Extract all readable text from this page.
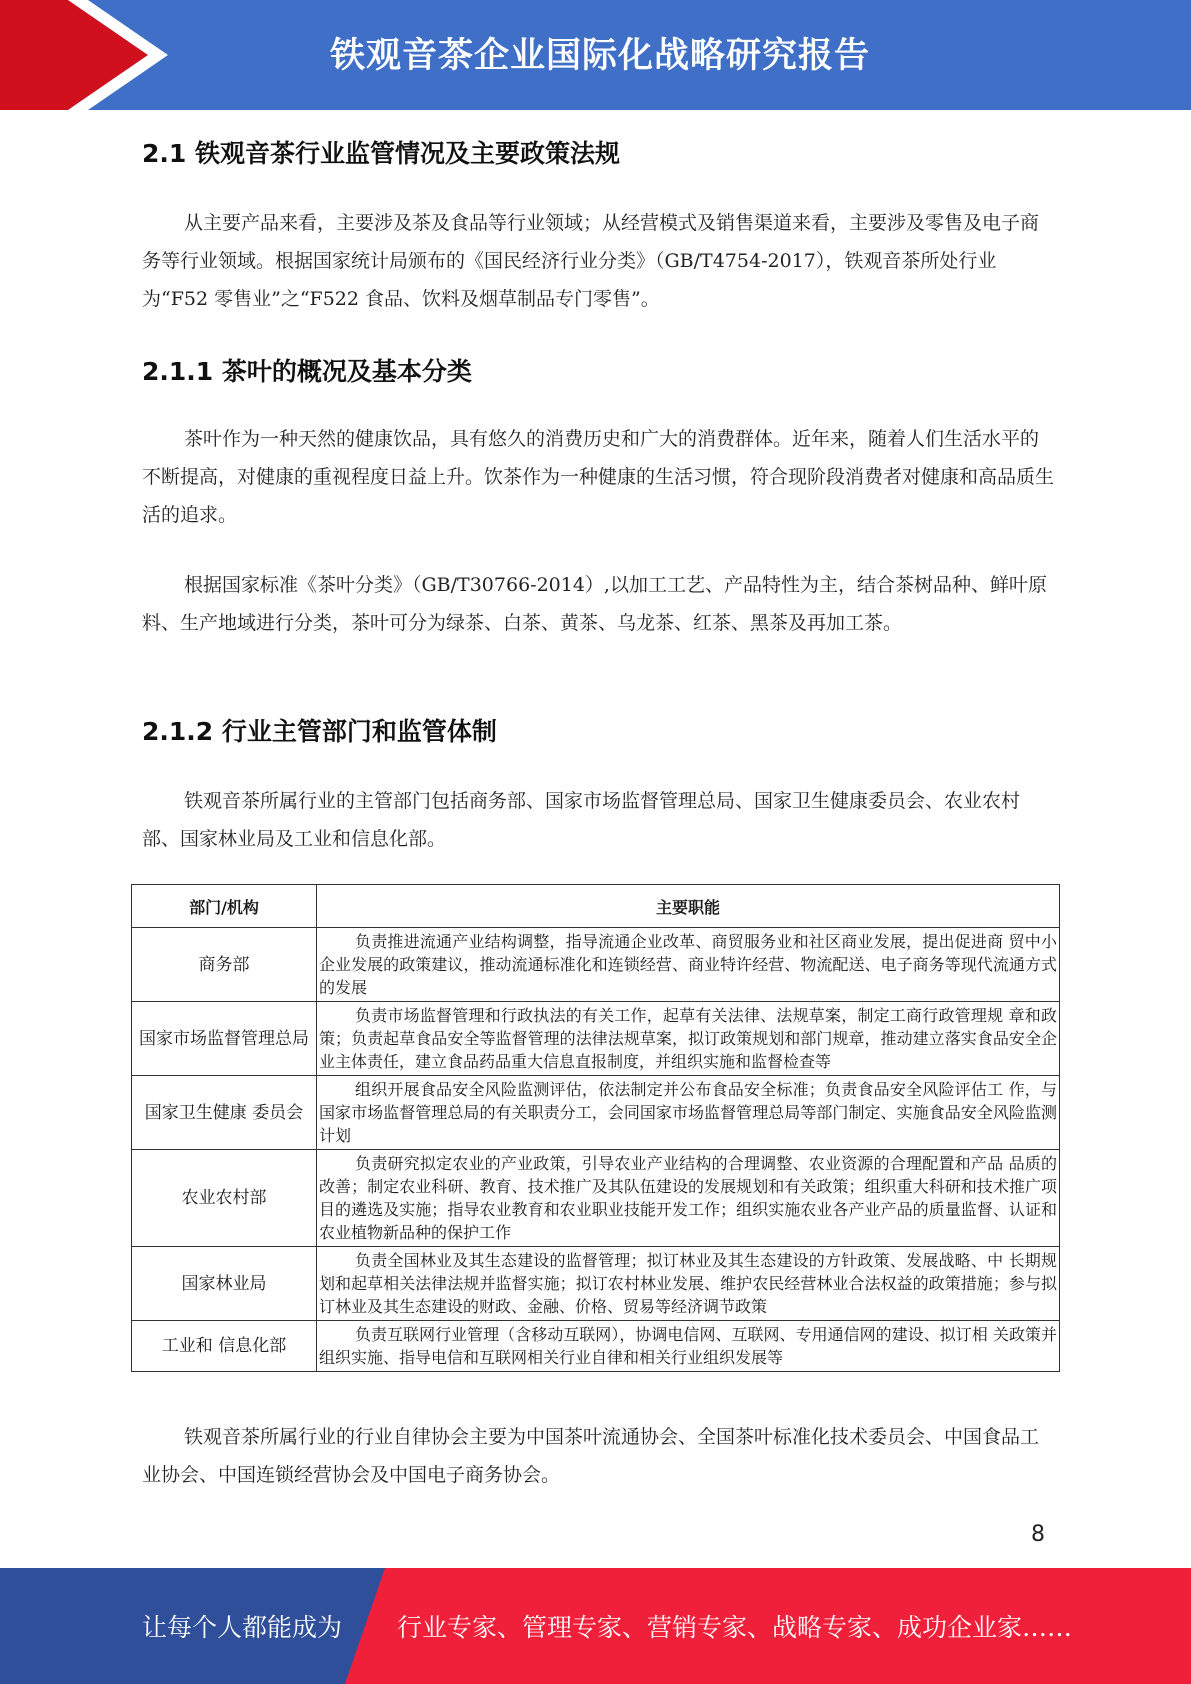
铁观音茶企业国际化战略研究报告
2.1 铁观音茶行业监管情况及主要政策法规
从主要产品来看，主要涉及茶及食品等行业领域；从经营模式及销售渠道来看，主要涉及零售及电子商务等行业领域。根据国家统计局颁布的《国民经济行业分类》（GB/T4754-2017），铁观音茶所处行业为“F52 零售业”之“F522 食品、饮料及烟草制品专门零售”。
2.1.1 茶叶的概况及基本分类
茶叶作为一种天然的健康饮品，具有悠久的消费历史和广大的消费群体。近年来，随着人们生活水平的不断提高，对健康的重视程度日益上升。饮茶作为一种健康的生活习惯，符合现阶段消费者对健康和高品质生活的追求。
根据国家标准《茶叶分类》（GB/T30766-2014）,以加工工艺、产品特性为主，结合茶树品种、鲜叶原料、生产地域进行分类，茶叶可分为绿茶、白茶、黄茶、乌龙茶、红茶、黑茶及再加工茶。
2.1.2 行业主管部门和监管体制
铁观音茶所属行业的主管部门包括商务部、国家市场监督管理总局、国家卫生健康委员会、农业农村部、国家林业局及工业和信息化部。
部门/机构	主要职能
商务部	负责推进流通产业结构调整，指导流通企业改革、商贸服务业和社区商业发展，提出促进商 贸中小企业发展的政策建议，推动流通标准化和连锁经营、商业特许经营、物流配送、电子商务等现代流通方式的发展
国家市场监督管理总局	负责市场监督管理和行政执法的有关工作，起草有关法律、法规草案，制定工商行政管理规 章和政策；负责起草食品安全等监督管理的法律法规草案，拟订政策规划和部门规章，推动建立落实食品安全企业主体责任，建立食品药品重大信息直报制度，并组织实施和监督检查等
国家卫生健康 委员会	组织开展食品安全风险监测评估，依法制定并公布食品安全标准；负责食品安全风险评估工 作，与国家市场监督管理总局的有关职责分工，会同国家市场监督管理总局等部门制定、实施食品安全风险监测计划
农业农村部	负责研究拟定农业的产业政策，引导农业产业结构的合理调整、农业资源的合理配置和产品 品质的改善；制定农业科研、教育、技术推广及其队伍建设的发展规划和有关政策；组织重大科研和技术推广项目的遴选及实施；指导农业教育和农业职业技能开发工作；组织实施农业各产业产品的质量监督、认证和农业植物新品种的保护工作
国家林业局	负责全国林业及其生态建设的监督管理；拟订林业及其生态建设的方针政策、发展战略、中 长期规划和起草相关法律法规并监督实施；拟订农村林业发展、维护农民经营林业合法权益的政策措施；参与拟订林业及其生态建设的财政、金融、价格、贸易等经济调节政策
工业和 信息化部	负责互联网行业管理（含移动互联网），协调电信网、互联网、专用通信网的建设、拟订相 关政策并组织实施、指导电信和互联网相关行业自律和相关行业组织发展等
铁观音茶所属行业的行业自律协会主要为中国茶叶流通协会、全国茶叶标准化技术委员会、中国食品工业协会、中国连锁经营协会及中国电子商务协会。
8
让每个人都能成为 行业专家、管理专家、营销专家、战略专家、成功企业家……
